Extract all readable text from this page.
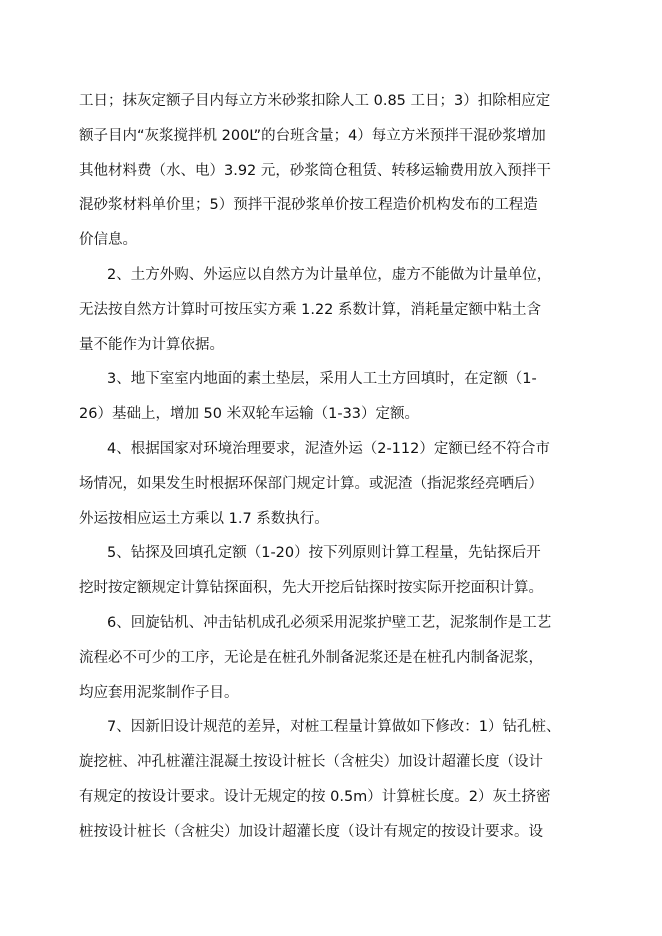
工日；抹灰定额子目内每立方米砂浆扣除人工 0.85 工日；3）扣除相应定
额子目内“灰浆搅拌机 200L”的台班含量；4）每立方米预拌干混砂浆增加
其他材料费（水、电）3.92 元，砂浆筒仓租赁、转移运输费用放入预拌干
混砂浆材料单价里；5）预拌干混砂浆单价按工程造价机构发布的工程造
价信息。
2、土方外购、外运应以自然方为计量单位，虚方不能做为计量单位，
无法按自然方计算时可按压实方乘 1.22 系数计算，消耗量定额中粘土含
量不能作为计算依据。
3、地下室室内地面的素土垫层，采用人工土方回填时，在定额（1-
26）基础上，增加 50 米双轮车运输（1-33）定额。
4、根据国家对环境治理要求，泥渣外运（2-112）定额已经不符合市
场情况，如果发生时根据环保部门规定计算。或泥渣（指泥浆经亮晒后）
外运按相应运土方乘以 1.7 系数执行。
5、钻探及回填孔定额（1-20）按下列原则计算工程量，先钻探后开
挖时按定额规定计算钻探面积，先大开挖后钻探时按实际开挖面积计算。
6、回旋钻机、冲击钻机成孔必须采用泥浆护壁工艺，泥浆制作是工艺
流程必不可少的工序，无论是在桩孔外制备泥浆还是在桩孔内制备泥浆，
均应套用泥浆制作子目。
7、因新旧设计规范的差异，对桩工程量计算做如下修改：1）钻孔桩、
旋挖桩、冲孔桩灌注混凝土按设计桩长（含桩尖）加设计超灌长度（设计
有规定的按设计要求。设计无规定的按 0.5m）计算桩长度。2）灰土挤密
桩按设计桩长（含桩尖）加设计超灌长度（设计有规定的按设计要求。设
